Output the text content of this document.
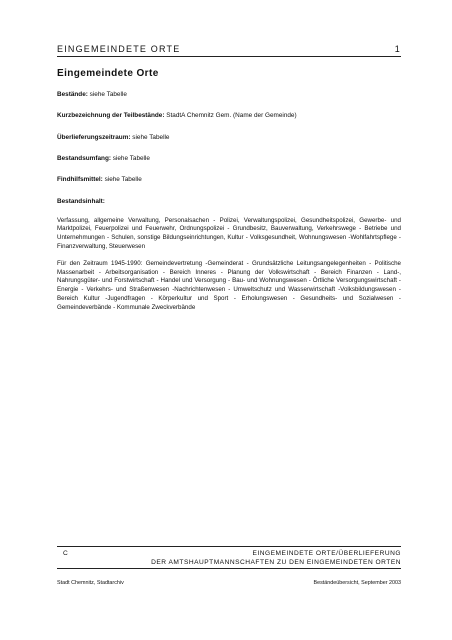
EINGEMEINDETE ORTE	1
Eingemeindete Orte
Bestände: siehe Tabelle
Kurzbezeichnung der Teilbestände: StadtA Chemnitz Gem. (Name der Gemeinde)
Überlieferungszeitraum: siehe Tabelle
Bestandsumfang: siehe Tabelle
Findhilfsmittel: siehe Tabelle
Bestandsinhalt:

Verfassung, allgemeine Verwaltung, Personalsachen - Polizei, Verwaltungspolizei, Gesundheitspolizei, Gewerbe- und Marktpolizei, Feuerpolizei und Feuerwehr, Ordnungspolizei - Grundbesitz, Bauverwaltung, Verkehrswege - Betriebe und Unternehmungen - Schulen, sonstige Bildungseinrichtungen, Kultur - Volksgesundheit, Wohnungswesen -Wohlfahrtspflege - Finanzverwaltung, Steuerwesen

Für den Zeitraum 1945-1990: Gemeindevertretung -Gemeinderat - Grundsätzliche Leitungsangelegenheiten - Politische Massenarbeit - Arbeitsorganisation - Bereich Inneres - Planung der Volkswirtschaft - Bereich Finanzen - Land-, Nahrungsgüter- und Forstwirtschaft - Handel und Versorgung - Bau- und Wohnungswesen - Örtliche Versorgungswirtschaft -Energie - Verkehrs- und Straßenwesen -Nachrichtenwesen - Umweltschutz und Wasserwirtschaft -Volksbildungswesen - Bereich Kultur -Jugendfragen - Körperkultur und Sport - Erholungswesen - Gesundheits- und Sozialwesen -Gemeindeverbände - Kommunale Zweckverbände

C	EINGEMEINDETE ORTE/ÜBERLIEFERUNG
DER AMTSHAUPTMANNSCHAFTEN ZU DEN EINGEMEINDETEN ORTEN
Stadt Chemnitz, Stadtarchiv	Beständeübersicht, September 2003
